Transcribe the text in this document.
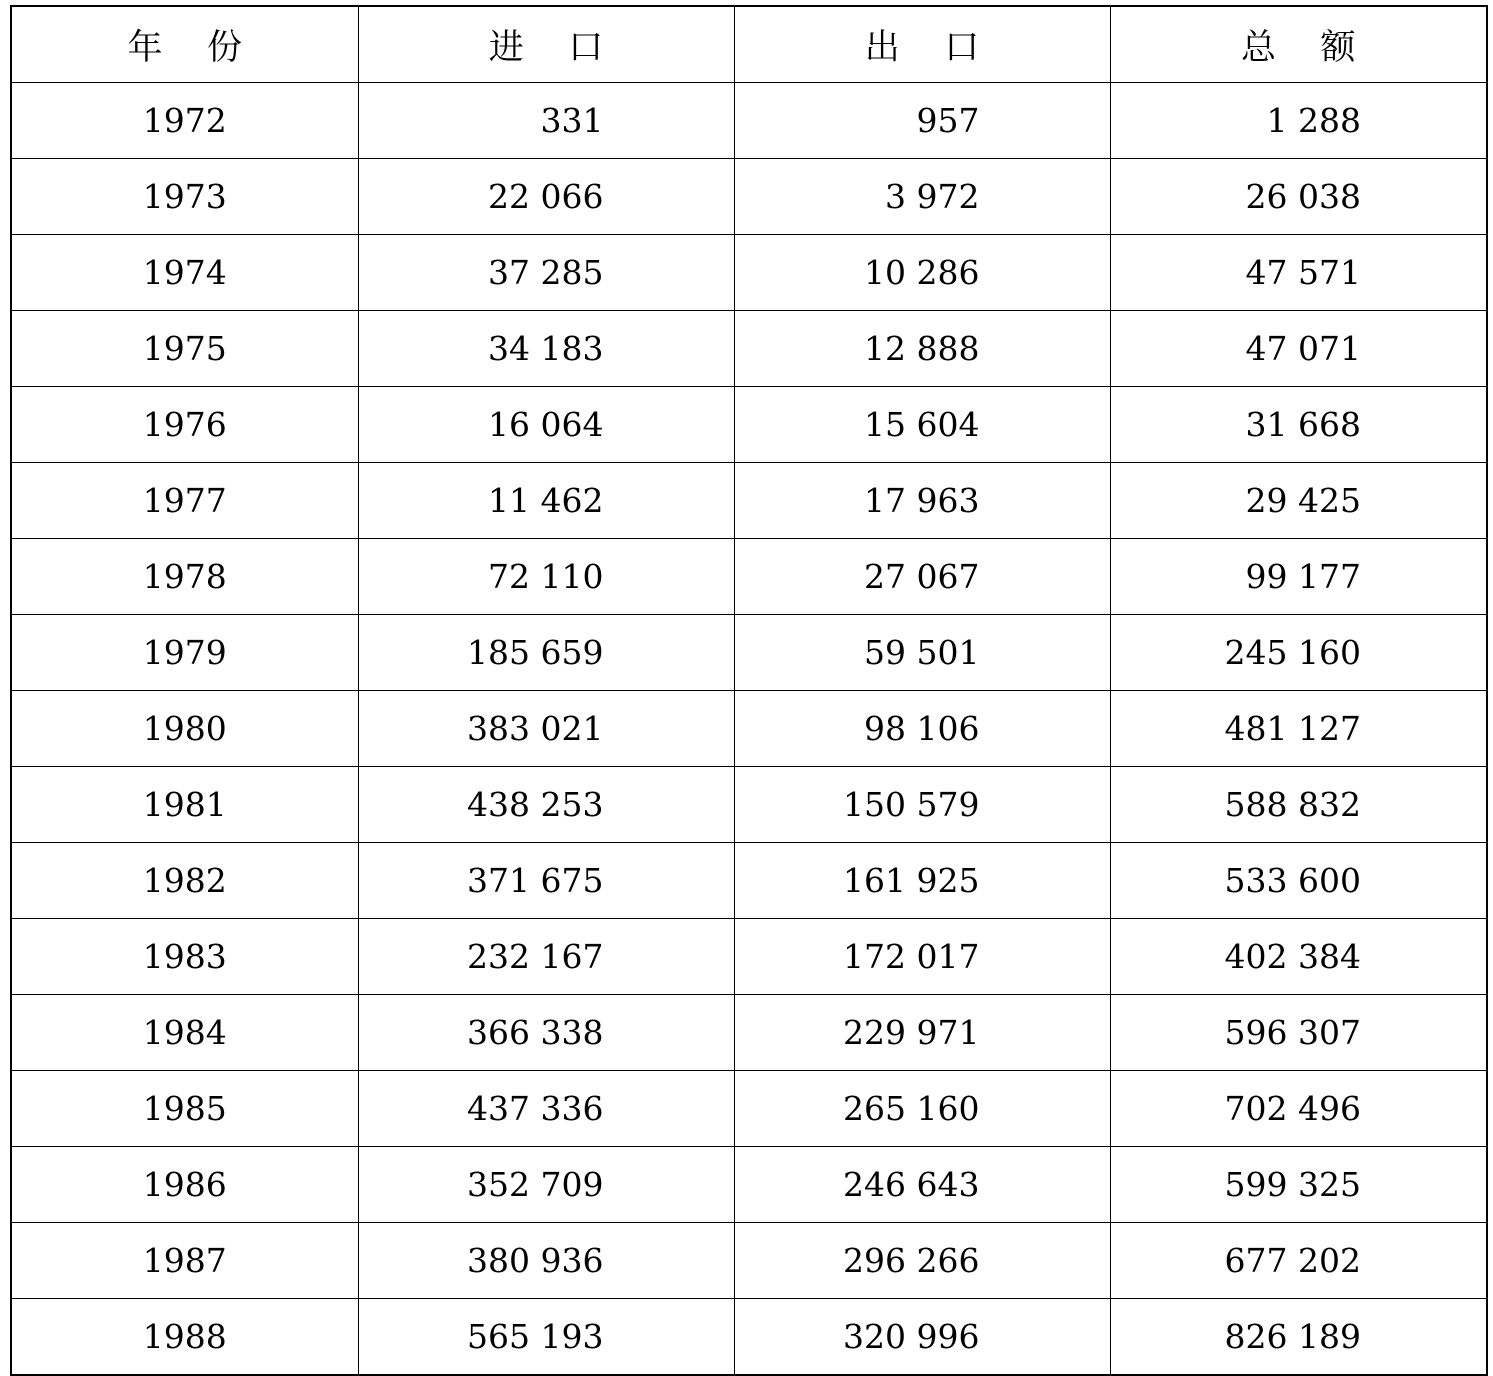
年    份	进    口	出    口	总    额
1972	331	957	1 288
1973	22 066	3 972	26 038
1974	37 285	10 286	47 571
1975	34 183	12 888	47 071
1976	16 064	15 604	31 668
1977	11 462	17 963	29 425
1978	72 110	27 067	99 177
1979	185 659	59 501	245 160
1980	383 021	98 106	481 127
1981	438 253	150 579	588 832
1982	371 675	161 925	533 600
1983	232 167	172 017	402 384
1984	366 338	229 971	596 307
1985	437 336	265 160	702 496
1986	352 709	246 643	599 325
1987	380 936	296 266	677 202
1988	565 193	320 996	826 189
